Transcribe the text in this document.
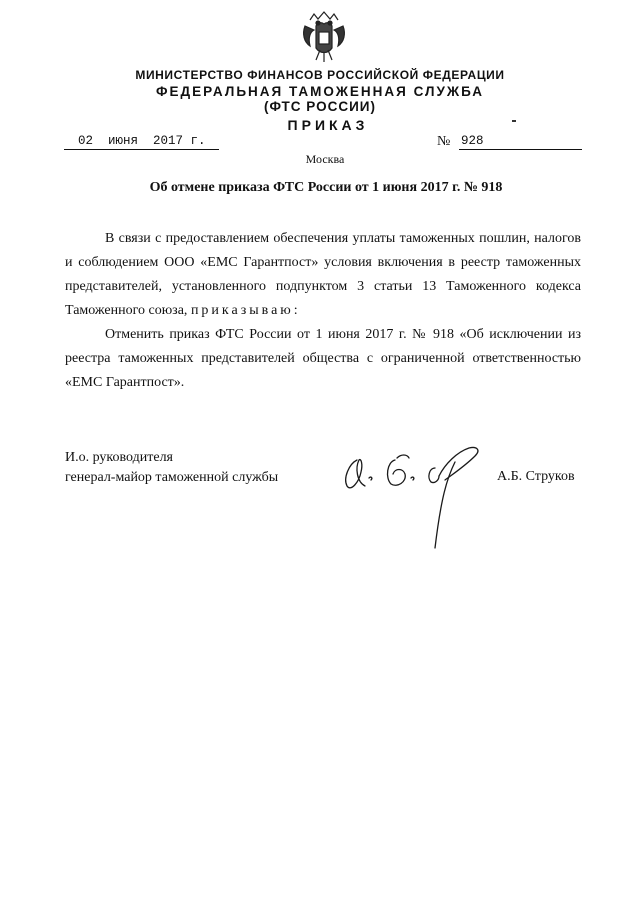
МИНИСТЕРСТВО ФИНАНСОВ РОССИЙСКОЙ ФЕДЕРАЦИИ
ФЕДЕРАЛЬНАЯ ТАМОЖЕННАЯ СЛУЖБА
(ФТС РОССИИ)
ПРИКАЗ
02  июня  2017 г.	№ 928
Москва
Об отмене приказа ФТС России от 1 июня 2017 г. № 918

В связи с предоставлением обеспечения уплаты таможенных пошлин, налогов и соблюдением ООО «ЕМС Гарантпост» условия включения в реестр таможенных представителей, установленного подпунктом 3 статьи 13 Таможенного кодекса Таможенного союза, приказываю:

Отменить приказ ФТС России от 1 июня 2017 г. № 918 «Об исключении из реестра таможенных представителей общества с ограниченной ответственностью «ЕМС Гарантпост».

И.о. руководителя
генерал-майор таможенной службы	А.Б. Струков
